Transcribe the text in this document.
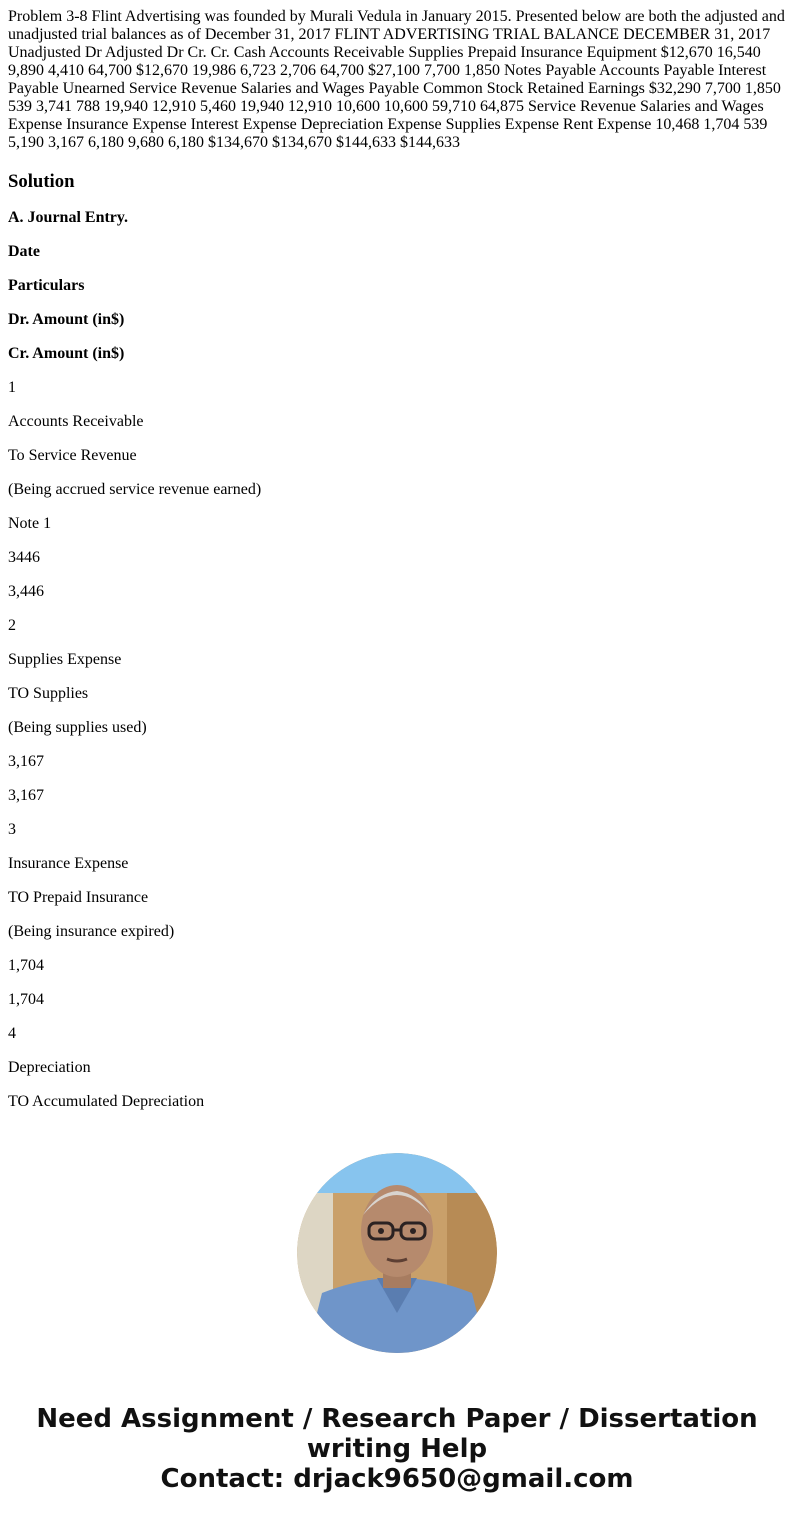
Problem 3-8 Flint Advertising was founded by Murali Vedula in January 2015. Presented below are both the adjusted and unadjusted trial balances as of December 31, 2017 FLINT ADVERTISING TRIAL BALANCE DECEMBER 31, 2017 Unadjusted Dr Adjusted Dr Cr. Cr. Cash Accounts Receivable Supplies Prepaid Insurance Equipment $12,670 16,540 9,890 4,410 64,700 $12,670 19,986 6,723 2,706 64,700 $27,100 7,700 1,850 Notes Payable Accounts Payable Interest Payable Unearned Service Revenue Salaries and Wages Payable Common Stock Retained Earnings $32,290 7,700 1,850 539 3,741 788 19,940 12,910 5,460 19,940 12,910 10,600 10,600 59,710 64,875 Service Revenue Salaries and Wages Expense Insurance Expense Interest Expense Depreciation Expense Supplies Expense Rent Expense 10,468 1,704 539 5,190 3,167 6,180 9,680 6,180 $134,670 $134,670 $144,633 $144,633

Solution

A. Journal Entry.

Date

Particulars

Dr. Amount (in$)

Cr. Amount (in$)

1

Accounts Receivable

To Service Revenue

(Being accrued service revenue earned)

Note 1

3446

3,446

2

Supplies Expense

TO Supplies

(Being supplies used)

3,167

3,167

3

Insurance Expense

TO Prepaid Insurance

(Being insurance expired)

1,704

1,704

4

Depreciation

TO Accumulated Depreciation

Need Assignment / Research Paper / Dissertation
writing Help
Contact: drjack9650@gmail.com
